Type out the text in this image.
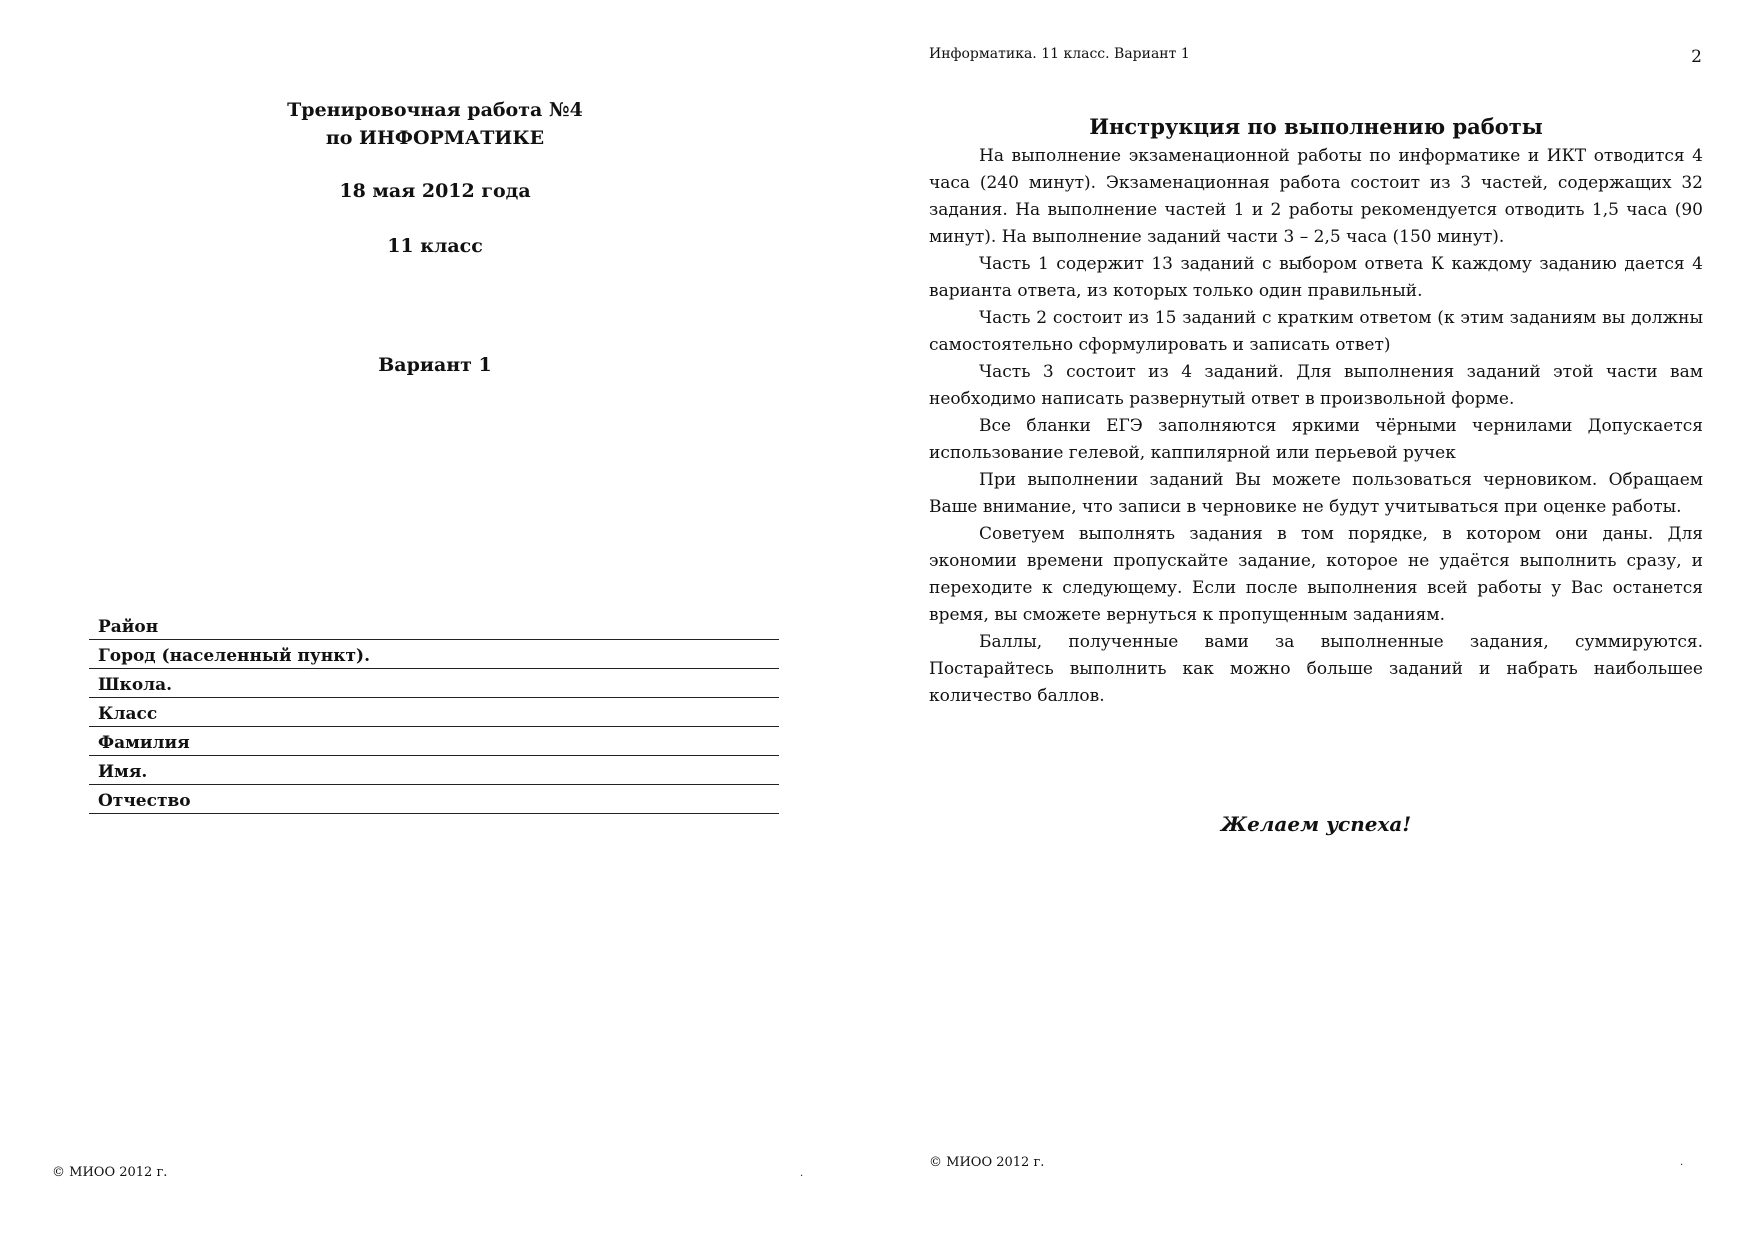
Тренировочная работа №4
по ИНФОРМАТИКЕ
18 мая 2012 года
11 класс
Вариант 1
Район
Город (населенный пункт).
Школа.
Класс
Фамилия
Имя.
Отчество
© МИОО 2012 г.	.
Информатика. 11 класс. Вариант 1	2
Инструкция по выполнению работы

На выполнение экзаменационной работы по информатике и ИКТ отводится 4 часа (240 минут). Экзаменационная работа состоит из 3 частей, содержащих 32 задания. На выполнение частей 1 и 2 работы рекомендуется отводить 1,5 часа (90 минут). На выполнение заданий части 3 – 2,5 часа (150 минут).

Часть 1 содержит 13 заданий с выбором ответа К каждому заданию дается 4 варианта ответа, из которых только один правильный.

Часть 2 состоит из 15 заданий с кратким ответом (к этим заданиям вы должны самостоятельно сформулировать и записать ответ)

Часть 3 состоит из 4 заданий. Для выполнения заданий этой части вам необходимо написать развернутый ответ в произвольной форме.

Все бланки ЕГЭ заполняются яркими чёрными чернилами Допускается использование гелевой, каппилярной или перьевой ручек

При выполнении заданий Вы можете пользоваться черновиком. Обращаем Ваше внимание, что записи в черновике не будут учитываться при оценке работы.

Советуем выполнять задания в том порядке, в котором они даны. Для экономии времени пропускайте задание, которое не удаётся выполнить сразу, и переходите к следующему. Если после выполнения всей работы у Вас останется время, вы сможете вернуться к пропущенным заданиям.

Баллы, полученные вами за выполненные задания, суммируются. Постарайтесь выполнить как можно больше заданий и набрать наибольшее количество баллов.

Желаем успеха!
© МИОО 2012 г.	.
